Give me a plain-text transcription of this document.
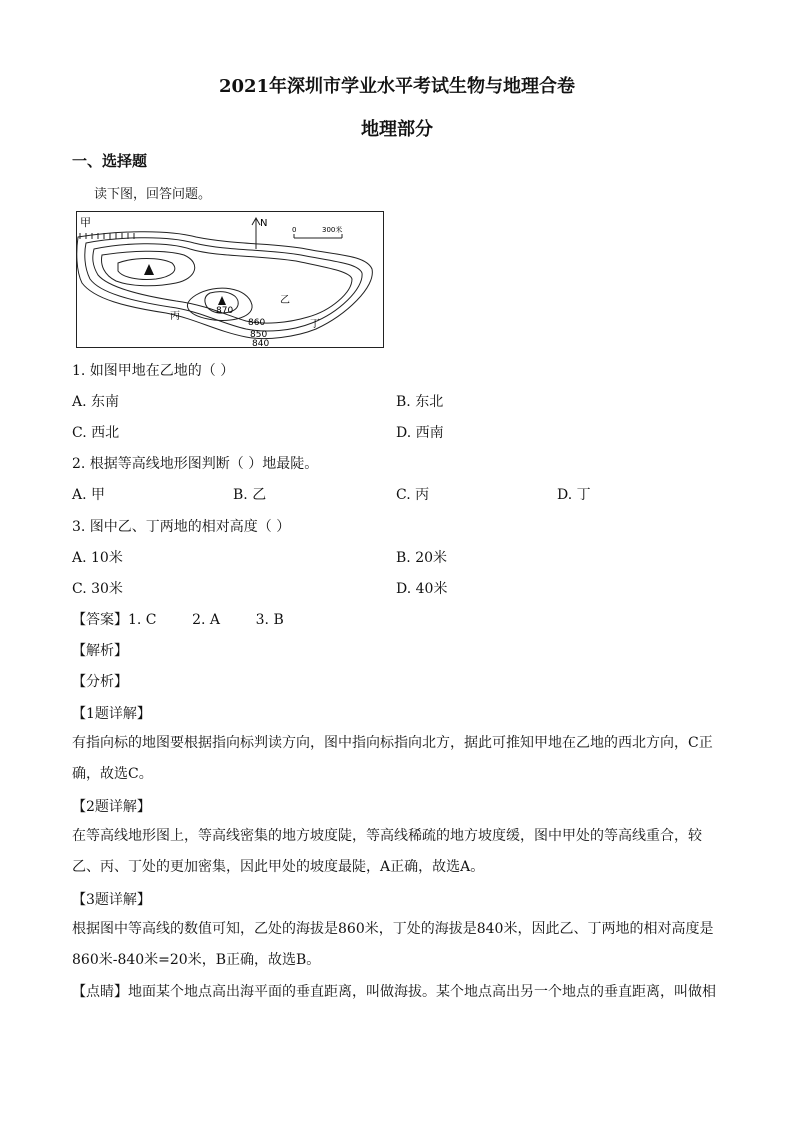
2021年深圳市学业水平考试生物与地理合卷
地理部分
一、选择题
读下图，回答问题。
甲	N
0	300米
870
乙
丙
丁
860
850
840
1. 如图甲地在乙地的（ ）
A. 东南	B. 东北
C. 西北	D. 西南
2. 根据等高线地形图判断（ ）地最陡。
A. 甲	B. 乙	C. 丙	D. 丁
3. 图中乙、丁两地的相对高度（ ）
A. 10米	B. 20米
C. 30米	D. 40米
【答案】1. C        2. A        3. B
【解析】
【分析】
【1题详解】
有指向标的地图要根据指向标判读方向，图中指向标指向北方，据此可推知甲地在乙地的西北方向，C正确，故选C。
【2题详解】
在等高线地形图上，等高线密集的地方坡度陡，等高线稀疏的地方坡度缓，图中甲处的等高线重合，较乙、丙、丁处的更加密集，因此甲处的坡度最陡，A正确，故选A。
【3题详解】
根据图中等高线的数值可知，乙处的海拔是860米，丁处的海拔是840米，因此乙、丁两地的相对高度是860米-840米=20米，B正确，故选B。
【点睛】地面某个地点高出海平面的垂直距离，叫做海拔。某个地点高出另一个地点的垂直距离，叫做相
